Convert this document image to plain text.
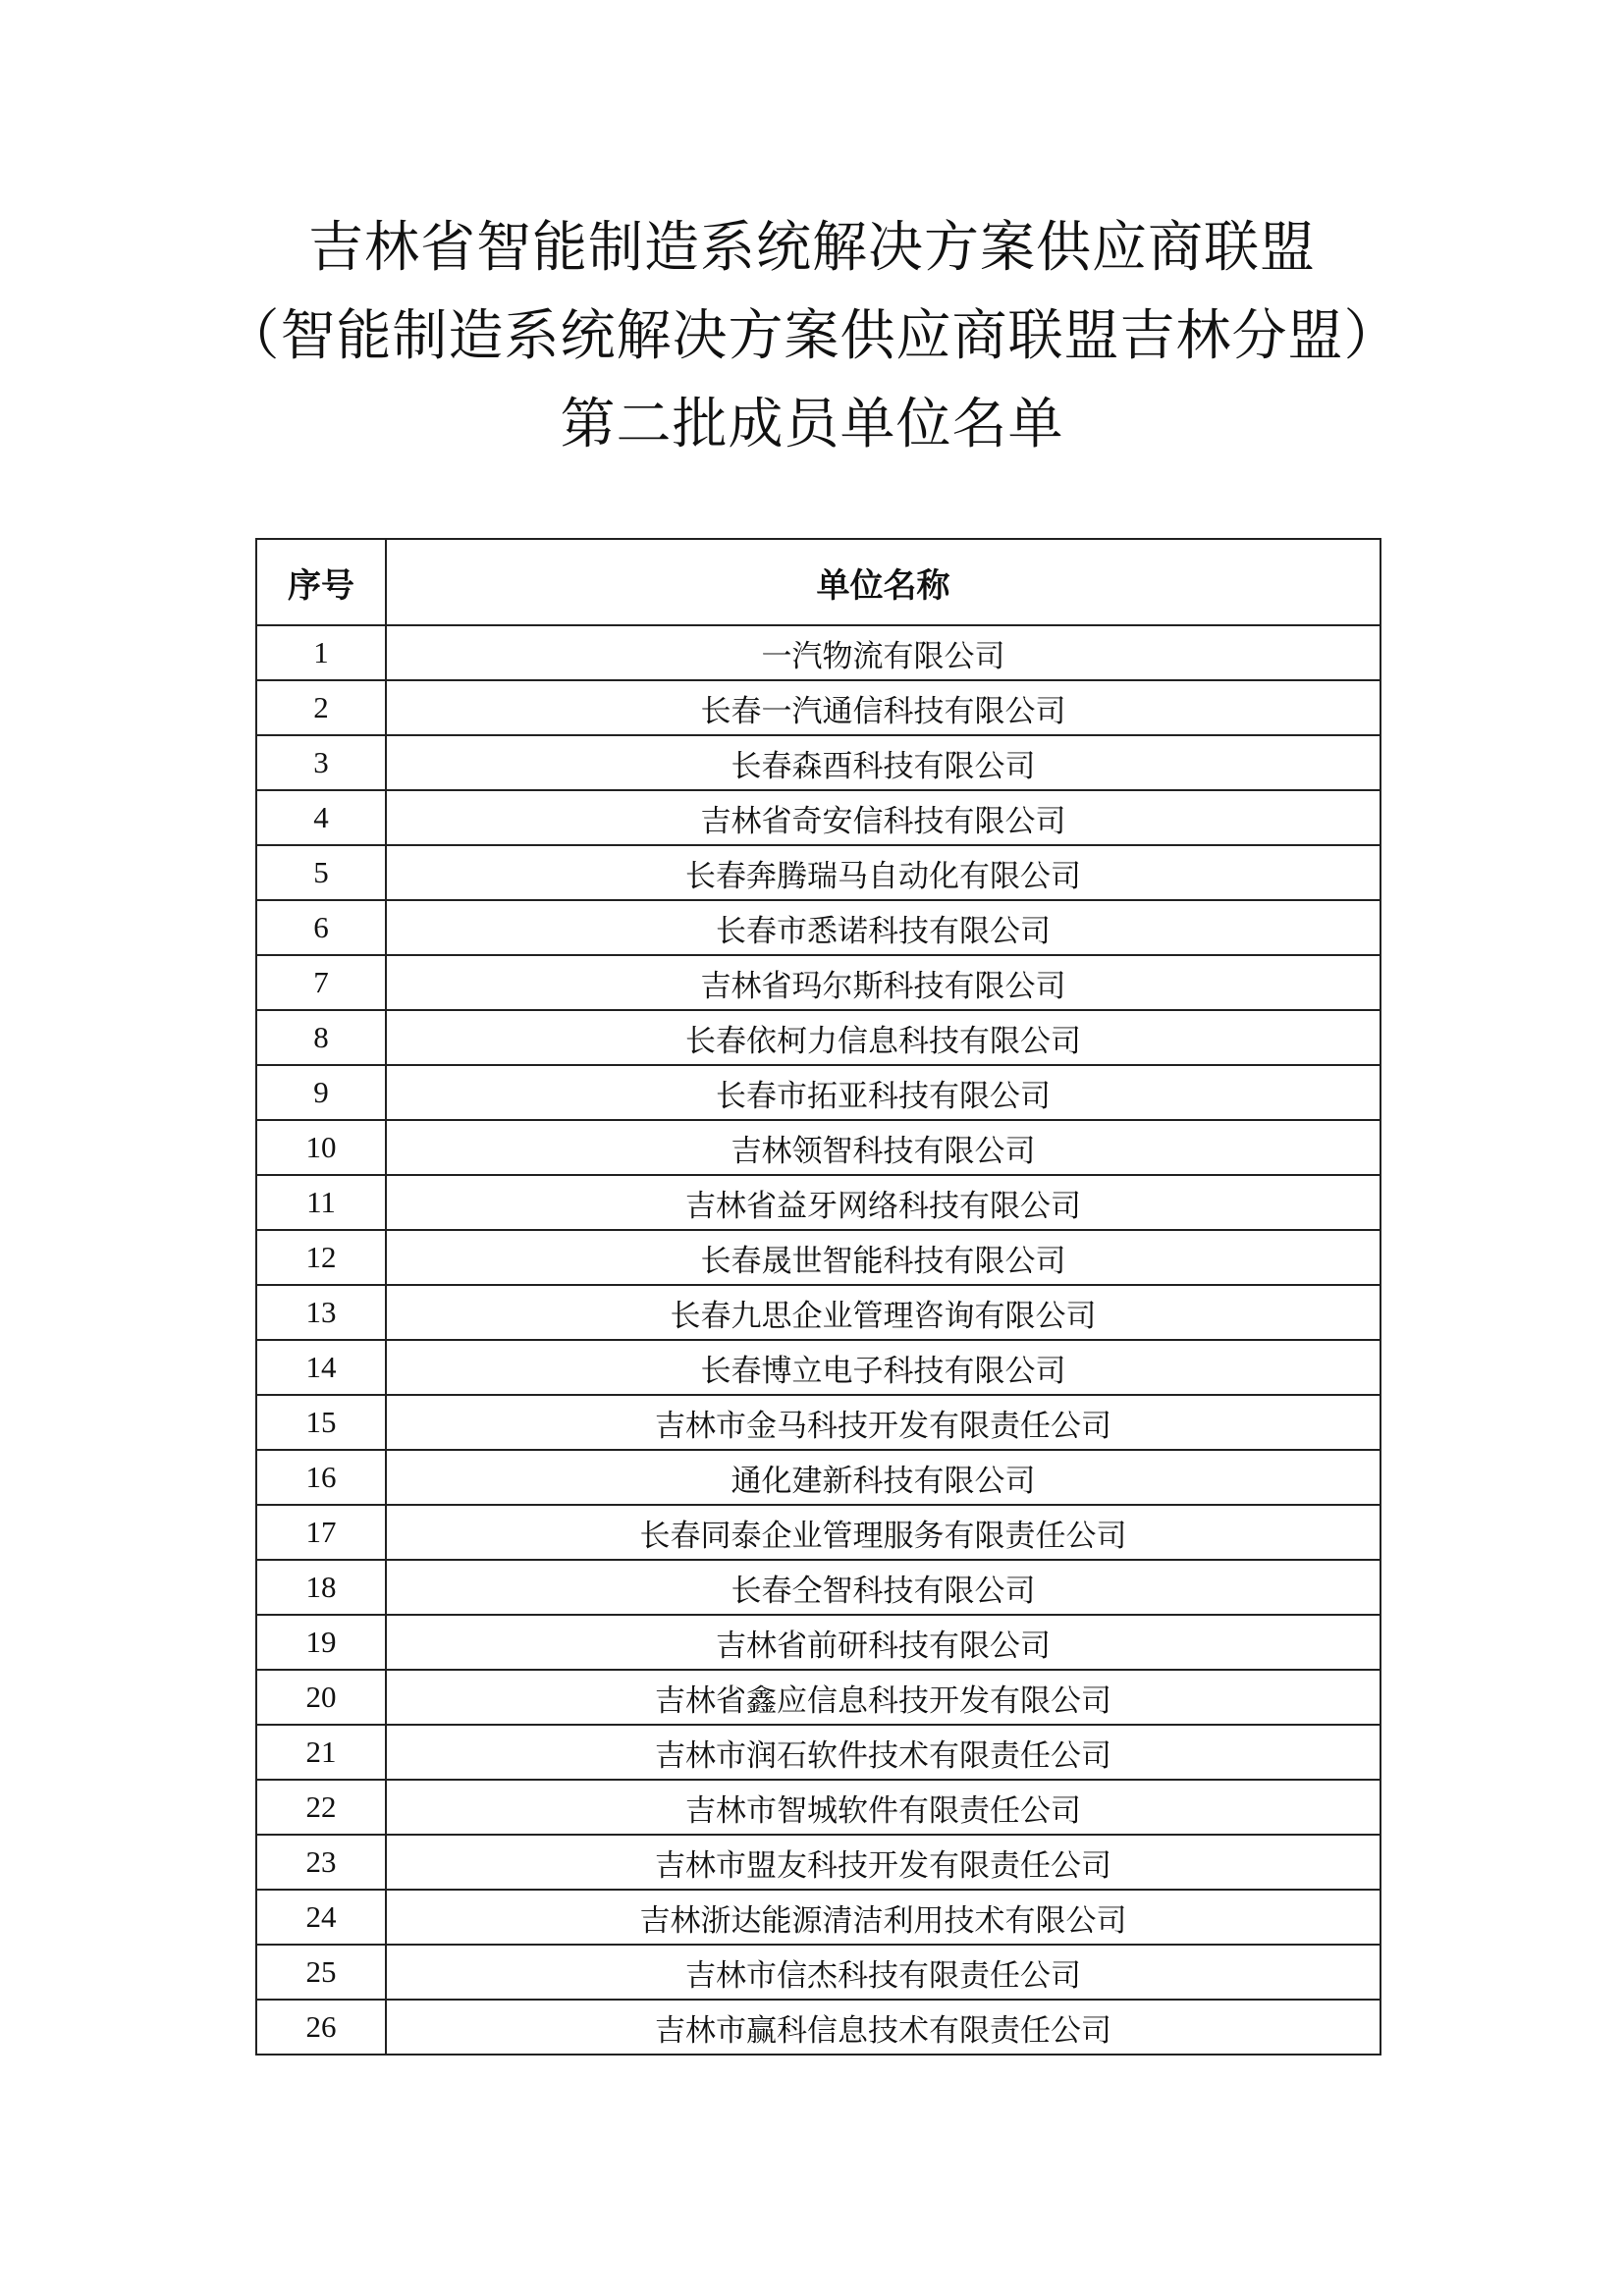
吉林省智能制造系统解决方案供应商联盟
（智能制造系统解决方案供应商联盟吉林分盟）
第二批成员单位名单
序号	单位名称
1	一汽物流有限公司
2	长春一汽通信科技有限公司
3	长春森酉科技有限公司
4	吉林省奇安信科技有限公司
5	长春奔腾瑞马自动化有限公司
6	长春市悉诺科技有限公司
7	吉林省玛尔斯科技有限公司
8	长春依柯力信息科技有限公司
9	长春市拓亚科技有限公司
10	吉林领智科技有限公司
11	吉林省益牙网络科技有限公司
12	长春晟世智能科技有限公司
13	长春九思企业管理咨询有限公司
14	长春博立电子科技有限公司
15	吉林市金马科技开发有限责任公司
16	通化建新科技有限公司
17	长春同泰企业管理服务有限责任公司
18	长春仝智科技有限公司
19	吉林省前研科技有限公司
20	吉林省鑫应信息科技开发有限公司
21	吉林市润石软件技术有限责任公司
22	吉林市智城软件有限责任公司
23	吉林市盟友科技开发有限责任公司
24	吉林浙达能源清洁利用技术有限公司
25	吉林市信杰科技有限责任公司
26	吉林市赢科信息技术有限责任公司
